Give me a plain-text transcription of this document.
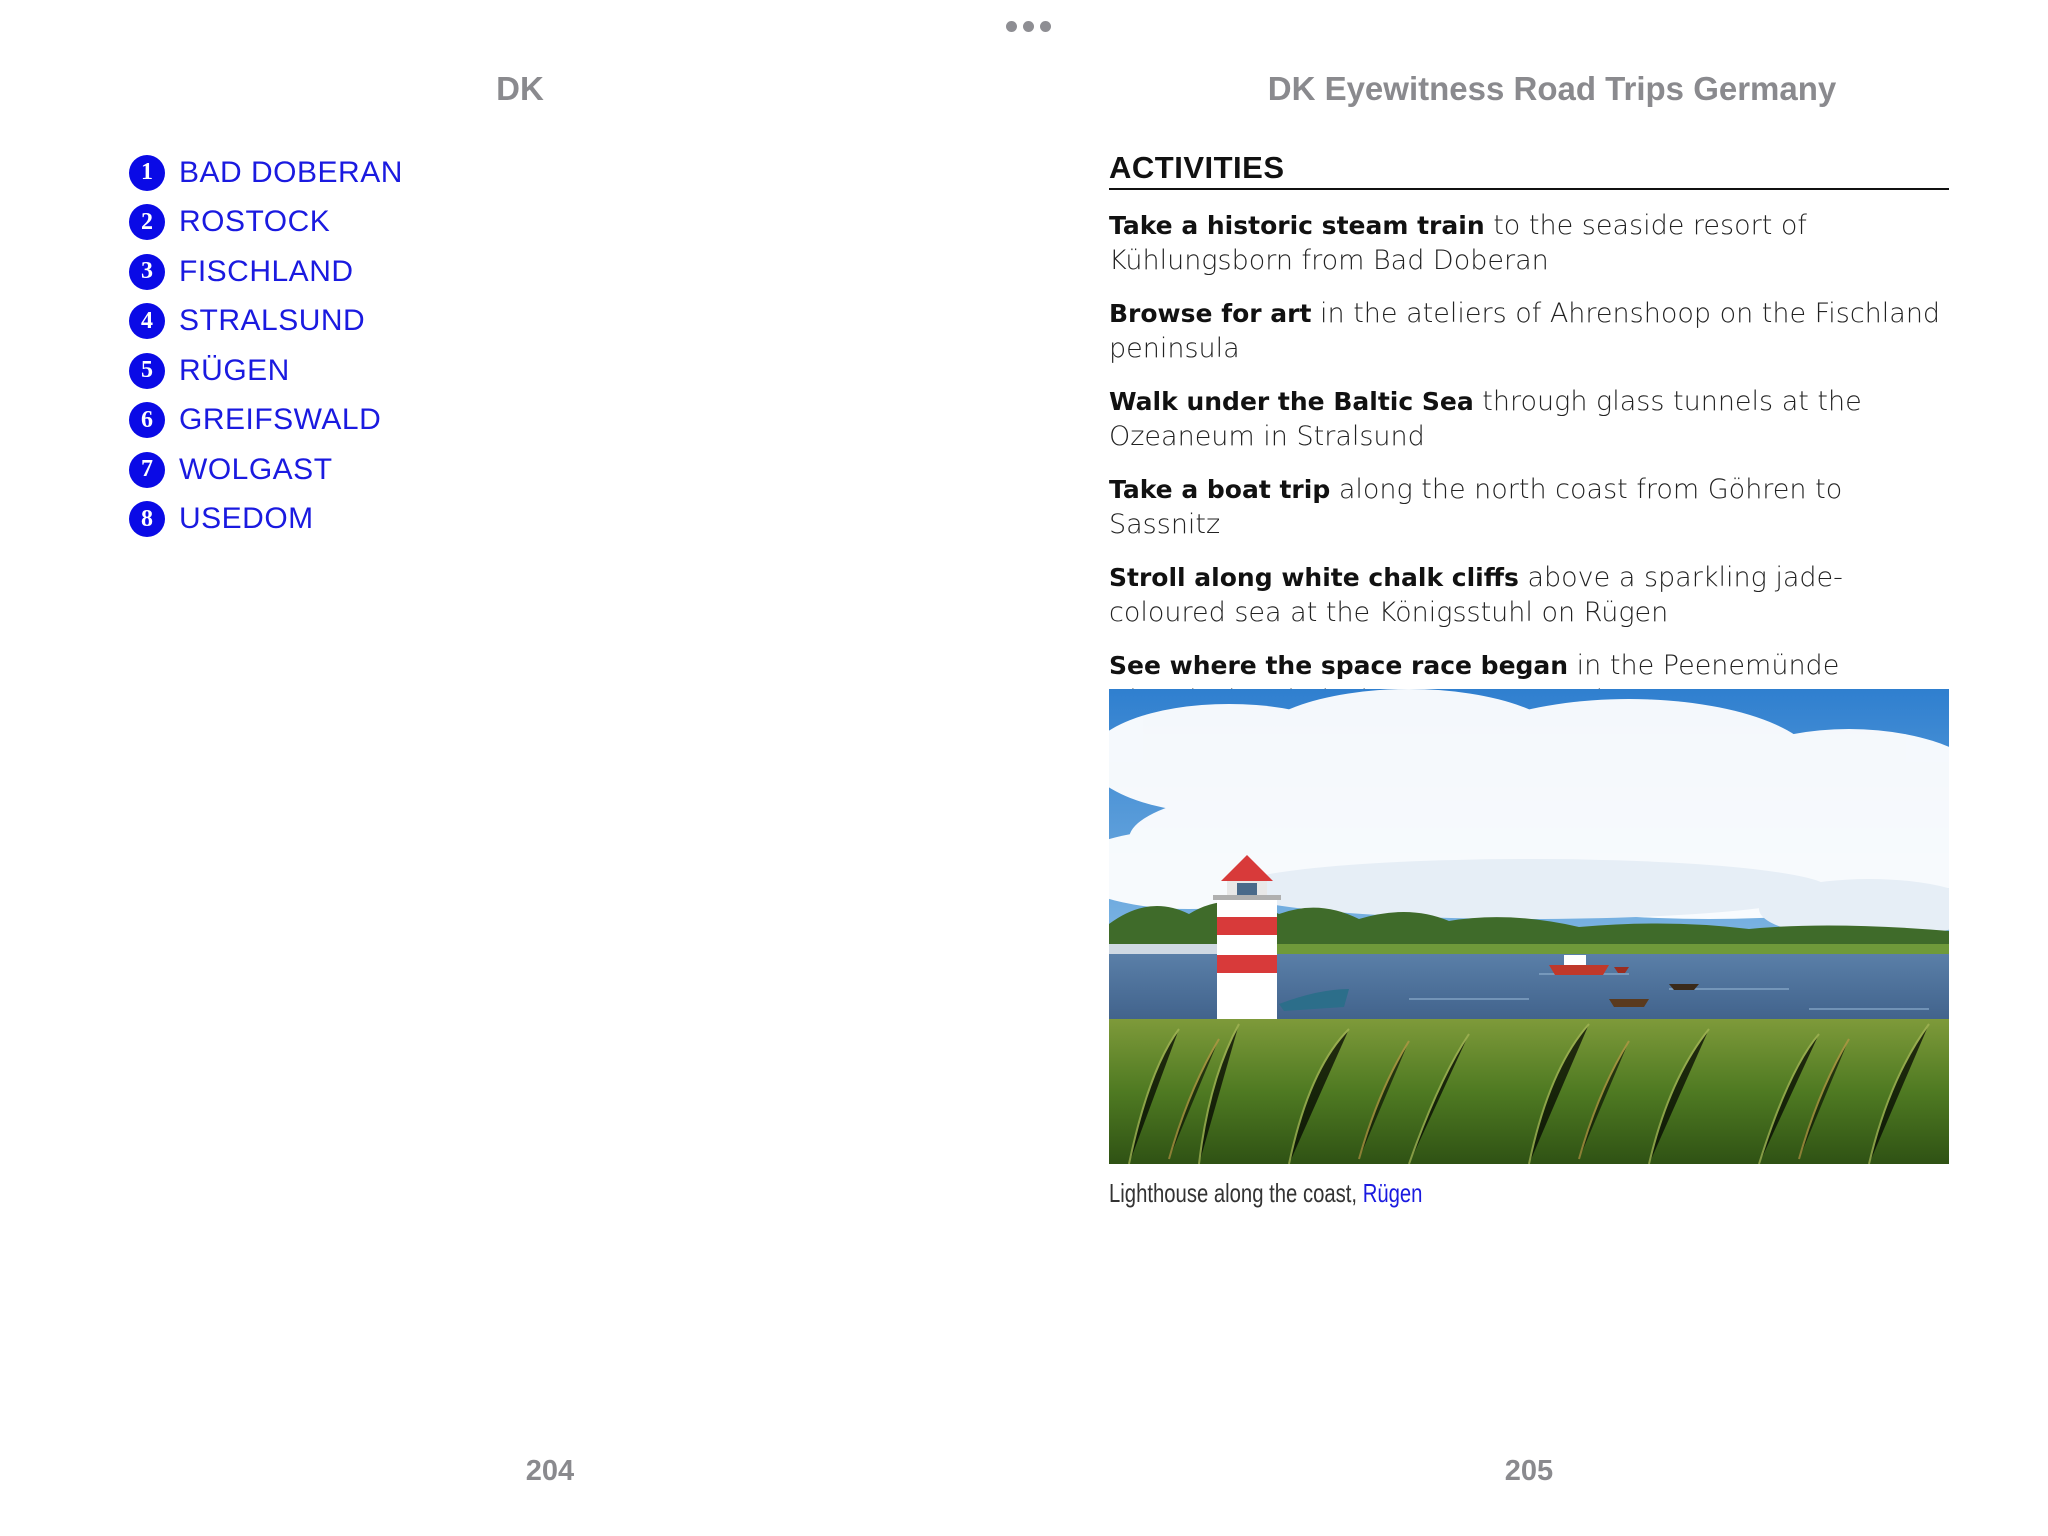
DK
1 BAD DOBERAN
2 ROSTOCK
3 FISCHLAND
4 STRALSUND
5 RÜGEN
6 GREIFSWALD
7 WOLGAST
8 USEDOM
204
DK Eyewitness Road Trips Germany
205
ACTIVITIES

Take a historic steam train to the seaside resort of Kühlungsborn from Bad Doberan

Browse for art in the ateliers of Ahrenshoop on the Fischland peninsula

Walk under the Baltic Sea through glass tunnels at the Ozeaneum in Stralsund

Take a boat trip along the north coast from Göhren to Sassnitz

Stroll along white chalk cliffs above a sparkling jade-coloured sea at the Königsstuhl on Rügen

See where the space race began in the Peenemünde

Lighthouse along the coast, Rügen
